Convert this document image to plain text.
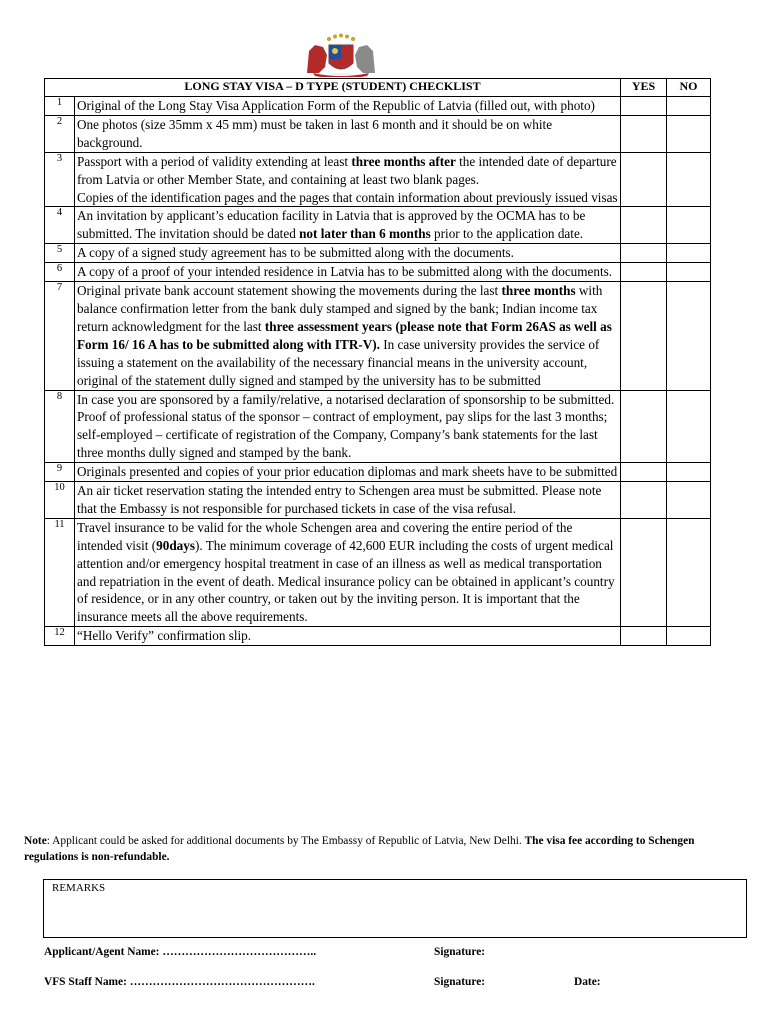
LONG STAY VISA – D TYPE (STUDENT) CHECKLIST		YES	NO
1	Original of the Long Stay Visa Application Form of the Republic of Latvia (filled out, with photo)		
2	One photos (size 35mm x 45 mm) must be taken in last 6 month and it should be on white background.		
3	Passport with a period of validity extending at least three months after the intended date of departure from Latvia or other Member State, and containing at least two blank pages.
Copies of the identification pages and the pages that contain information about previously issued visas		
4	An invitation by applicant’s education facility in Latvia that is approved by the OCMA has to be submitted. The invitation should be dated not later than 6 months prior to the application date.		
5	A copy of a signed study agreement has to be submitted along with the documents.		
6	A copy of a proof of your intended residence in Latvia has to be submitted along with the documents.		
7	Original private bank account statement showing the movements during the last three months with balance confirmation letter from the bank duly stamped and signed by the bank; Indian income tax return acknowledgment for the last three assessment years (please note that Form 26AS as well as Form 16/ 16 A has to be submitted along with ITR-V). In case university provides the service of issuing a statement on the availability of the necessary financial means in the university account, original of the statement dully signed and stamped by the university has to be submitted		
8	In case you are sponsored by a family/relative, a notarised declaration of sponsorship to be submitted. Proof of professional status of the sponsor – contract of employment, pay slips for the last 3 months; self-employed – certificate of registration of the Company, Company’s bank statements for the last three months dully signed and stamped by the bank.		
9	Originals presented and copies of your prior education diplomas and mark sheets have to be submitted		
10	An air ticket reservation stating the intended entry to Schengen area must be submitted. Please note that the Embassy is not responsible for purchased tickets in case of the visa refusal.		
11	Travel insurance to be valid for the whole Schengen area and covering the entire period of the intended visit (90days). The minimum coverage of 42,600 EUR including the costs of urgent medical attention and/or emergency hospital treatment in case of an illness as well as medical transportation and repatriation in the event of death. Medical insurance policy can be obtained in applicant’s country of residence, or in any other country, or taken out by the inviting person. It is important that the insurance meets all the above requirements.		
12	“Hello Verify” confirmation slip.		
Note: Applicant could be asked for additional documents by The Embassy of Republic of Latvia, New Delhi. The visa fee according to Schengen regulations is non-refundable.
REMARKS
Applicant/Agent Name: …………………………………..	Signature:
VFS Staff Name: ………………………………………….	Signature:	Date:
